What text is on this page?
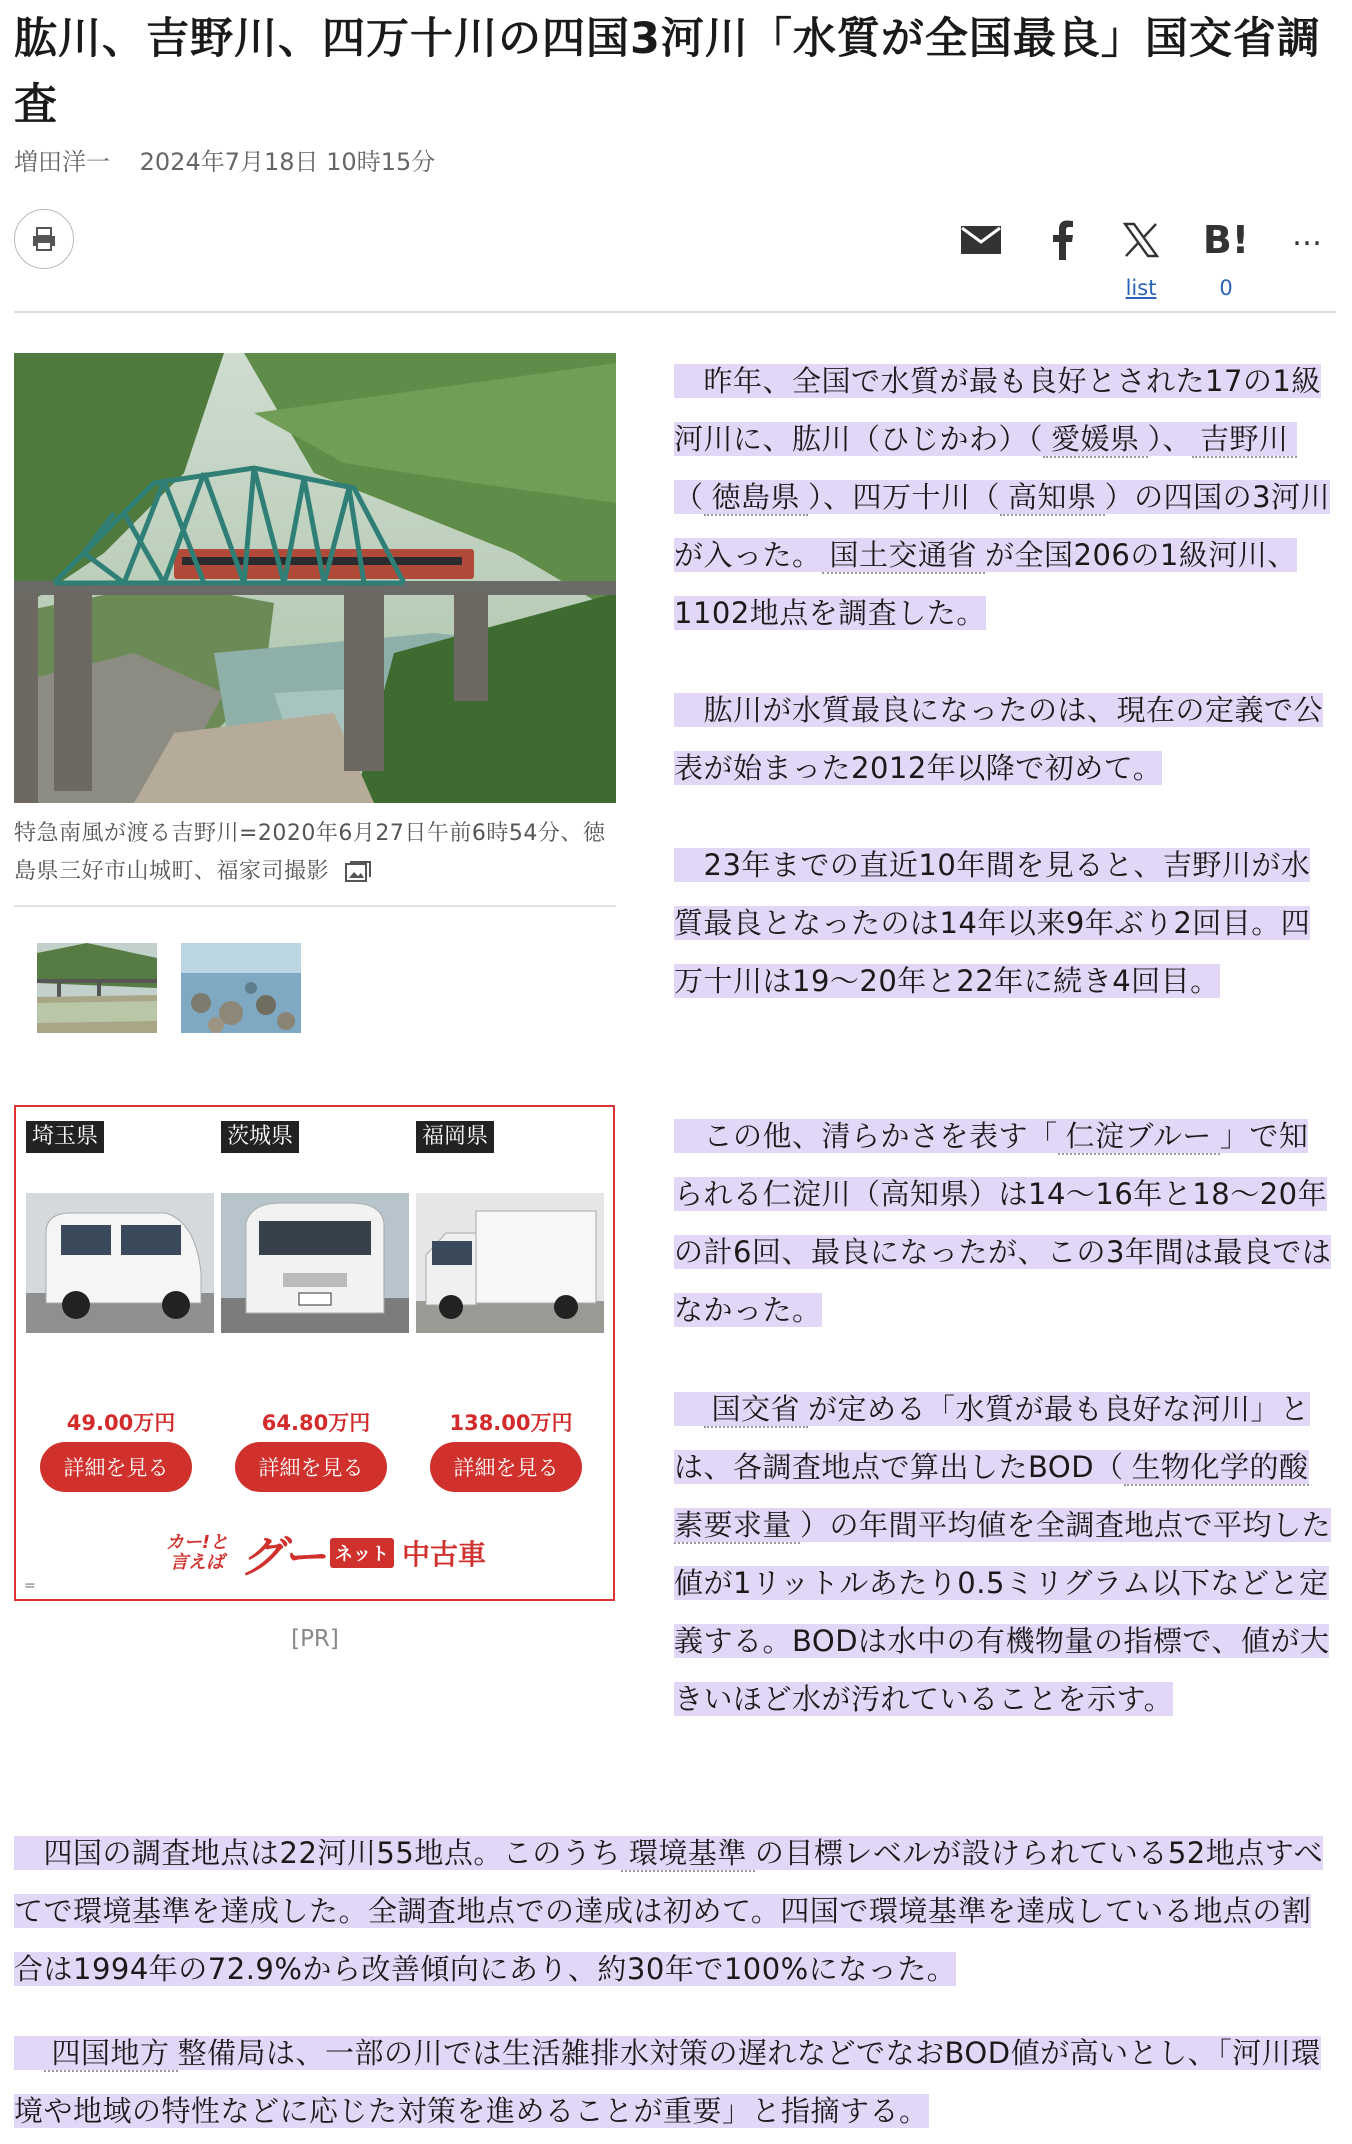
肱川、吉野川、四万十川の四国3河川「水質が全国最良」国交省調査
増田洋一 2024年7月18日 10時15分
list
B!
0
…
特急南風が渡る吉野川=2020年6月27日午前6時54分、徳島県三好市山城町、福家司撮影
埼玉県
49.00万円
詳細を見る
茨城県
64.80万円
詳細を見る
福岡県
138.00万円
詳細を見る
カー!と言えば グー ネット 中古車
=
[PR]
　昨年、全国で水質が最も良好とされた17の1級河川に、肱川（ひじかわ）（ 愛媛県 ）、 吉野川（ 徳島県 ）、四万十川（ 高知県 ）の四国の3河川が入った。 国土交通省 が全国206の1級河川、1102地点を調査した。
　肱川が水質最良になったのは、現在の定義で公表が始まった2012年以降で初めて。
　23年までの直近10年間を見ると、吉野川が水質最良となったのは14年以来9年ぶり2回目。四万十川は19～20年と22年に続き4回目。
　この他、清らかさを表す「 仁淀ブルー 」で知られる仁淀川（高知県）は14～16年と18～20年の計6回、最良になったが、この3年間は最良ではなかった。
　国交省 が定める「水質が最も良好な河川」とは、各調査地点で算出したBOD（ 生物化学的酸素要求量 ）の年間平均値を全調査地点で平均した値が1リットルあたり0.5ミリグラム以下などと定義する。BODは水中の有機物量の指標で、値が大きいほど水が汚れていることを示す。
　四国の調査地点は22河川55地点。このうち 環境基準 の目標レベルが設けられている52地点すべてで環境基準を達成した。全調査地点での達成は初めて。四国で環境基準を達成している地点の割合は1994年の72.9%から改善傾向にあり、約30年で100%になった。
　四国地方 整備局は、一部の川では生活雑排水対策の遅れなどでなおBOD値が高いとし、「河川環境や地域の特性などに応じた対策を進めることが重要」と指摘する。
